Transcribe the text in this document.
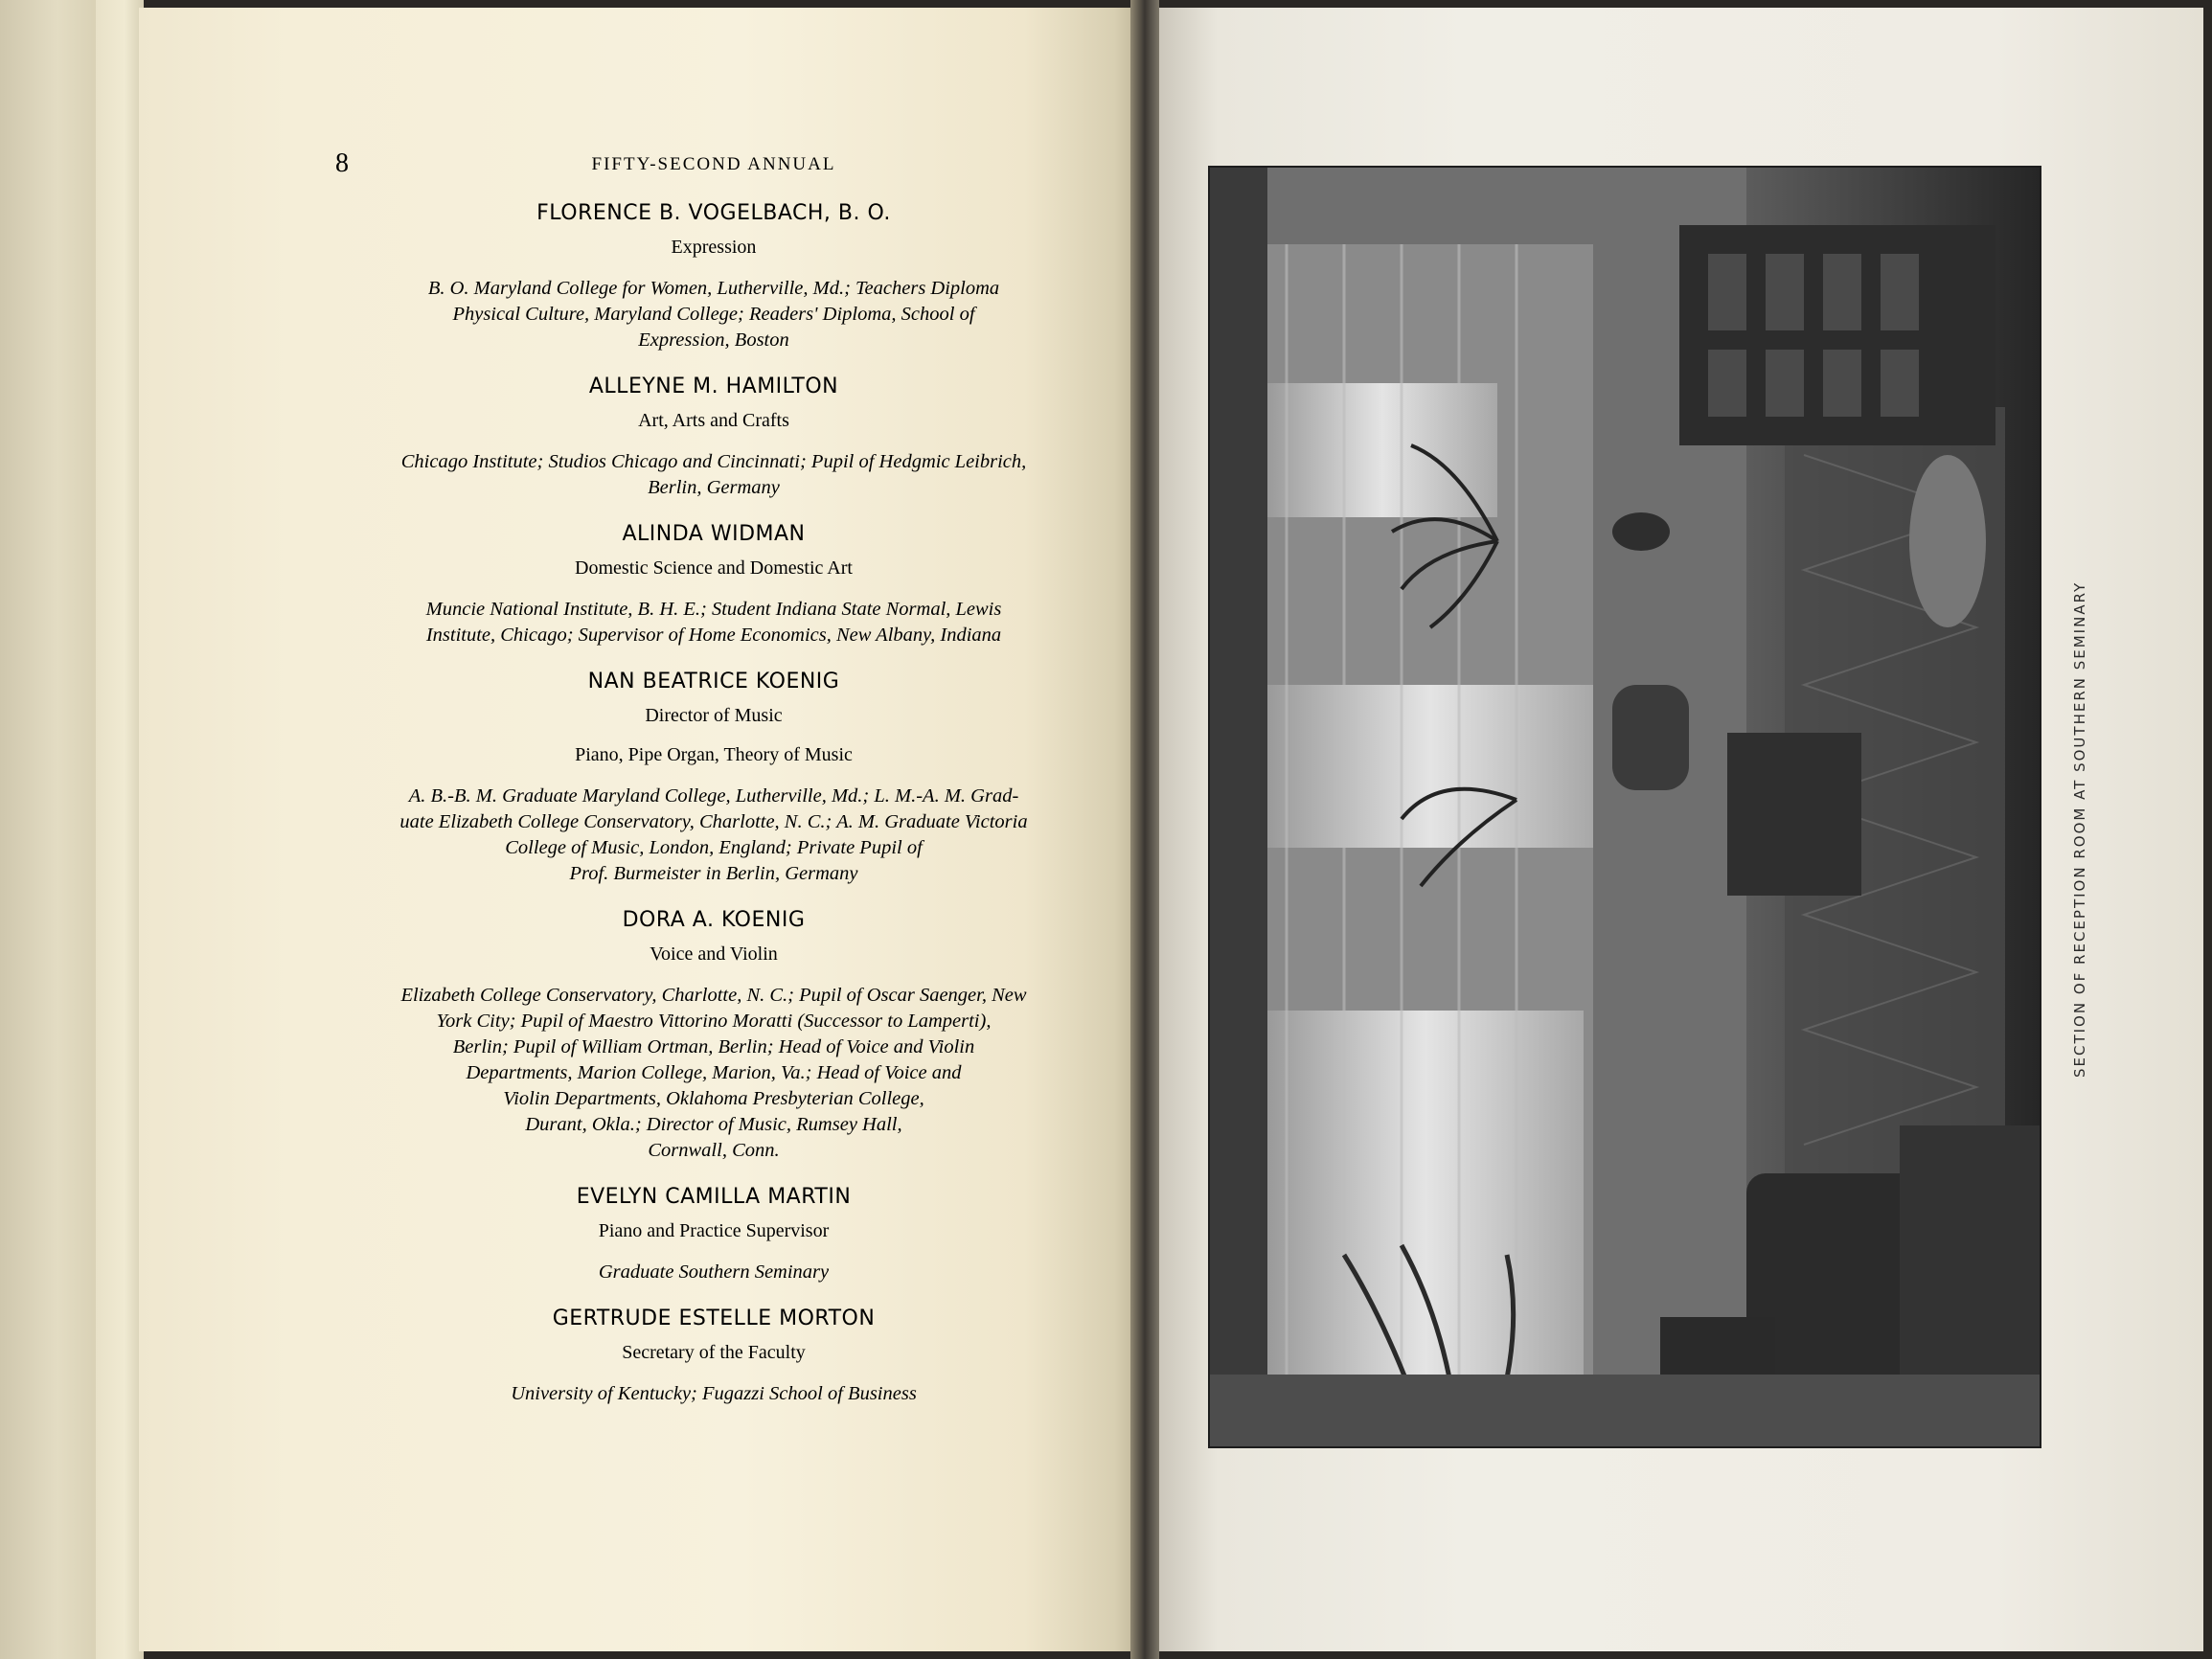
8	FIFTY-SECOND ANNUAL
FLORENCE B. VOGELBACH, B. O.
Expression
B. O. Maryland College for Women, Lutherville, Md.; Teachers Diploma
Physical Culture, Maryland College; Readers' Diploma, School of
Expression, Boston
ALLEYNE M. HAMILTON
Art, Arts and Crafts
Chicago Institute; Studios Chicago and Cincinnati; Pupil of Hedgmic Leibrich,
Berlin, Germany
ALINDA WIDMAN
Domestic Science and Domestic Art
Muncie National Institute, B. H. E.; Student Indiana State Normal, Lewis
Institute, Chicago; Supervisor of Home Economics, New Albany, Indiana
NAN BEATRICE KOENIG
Director of Music
Piano, Pipe Organ, Theory of Music
A. B.-B. M. Graduate Maryland College, Lutherville, Md.; L. M.-A. M. Grad-
uate Elizabeth College Conservatory, Charlotte, N. C.; A. M. Graduate Victoria
College of Music, London, England; Private Pupil of
Prof. Burmeister in Berlin, Germany
DORA A. KOENIG
Voice and Violin
Elizabeth College Conservatory, Charlotte, N. C.; Pupil of Oscar Saenger, New
York City; Pupil of Maestro Vittorino Moratti (Successor to Lamperti),
Berlin; Pupil of William Ortman, Berlin; Head of Voice and Violin
Departments, Marion College, Marion, Va.; Head of Voice and
Violin Departments, Oklahoma Presbyterian College,
Durant, Okla.; Director of Music, Rumsey Hall,
Cornwall, Conn.
EVELYN CAMILLA MARTIN
Piano and Practice Supervisor
Graduate Southern Seminary
GERTRUDE ESTELLE MORTON
Secretary of the Faculty
University of Kentucky; Fugazzi School of Business
SECTION OF RECEPTION ROOM AT SOUTHERN SEMINARY
